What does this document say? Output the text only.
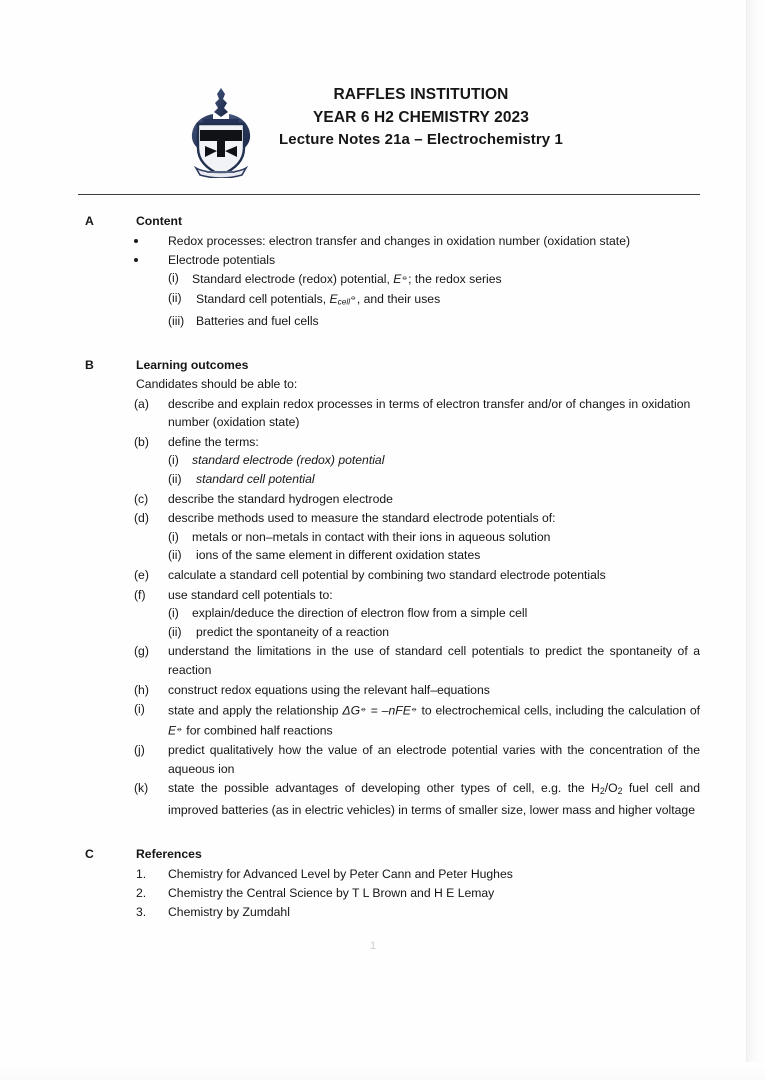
RAFFLES INSTITUTION
YEAR 6 H2 CHEMISTRY 2023
Lecture Notes 21a – Electrochemistry 1
A	Content
Redox processes: electron transfer and changes in oxidation number (oxidation state)
Electrode potentials
(i) Standard electrode (redox) potential, E⦵; the redox series
(ii) Standard cell potentials, Ecell⦵, and their uses
(iii) Batteries and fuel cells
B	Learning outcomes
Candidates should be able to:
(a) describe and explain redox processes in terms of electron transfer and/or of changes in oxidation number (oxidation state)
(b) define the terms:
(i) standard electrode (redox) potential
(ii) standard cell potential
(c) describe the standard hydrogen electrode
(d) describe methods used to measure the standard electrode potentials of:
(i) metals or non–metals in contact with their ions in aqueous solution
(ii) ions of the same element in different oxidation states
(e) calculate a standard cell potential by combining two standard electrode potentials
(f) use standard cell potentials to:
(i) explain/deduce the direction of electron flow from a simple cell
(ii) predict the spontaneity of a reaction
(g) understand the limitations in the use of standard cell potentials to predict the spontaneity of a reaction
(h) construct redox equations using the relevant half–equations
(i) state and apply the relationship ΔG⦵ = –nFE⦵ to electrochemical cells, including the calculation of E⦵ for combined half reactions
(j) predict qualitatively how the value of an electrode potential varies with the concentration of the aqueous ion
(k) state the possible advantages of developing other types of cell, e.g. the $H_2/O_2$ fuel cell and improved batteries (as in electric vehicles) in terms of smaller size, lower mass and higher voltage
C	References
1. Chemistry for Advanced Level by Peter Cann and Peter Hughes
2. Chemistry the Central Science by T L Brown and H E Lemay
3. Chemistry by Zumdahl
1
